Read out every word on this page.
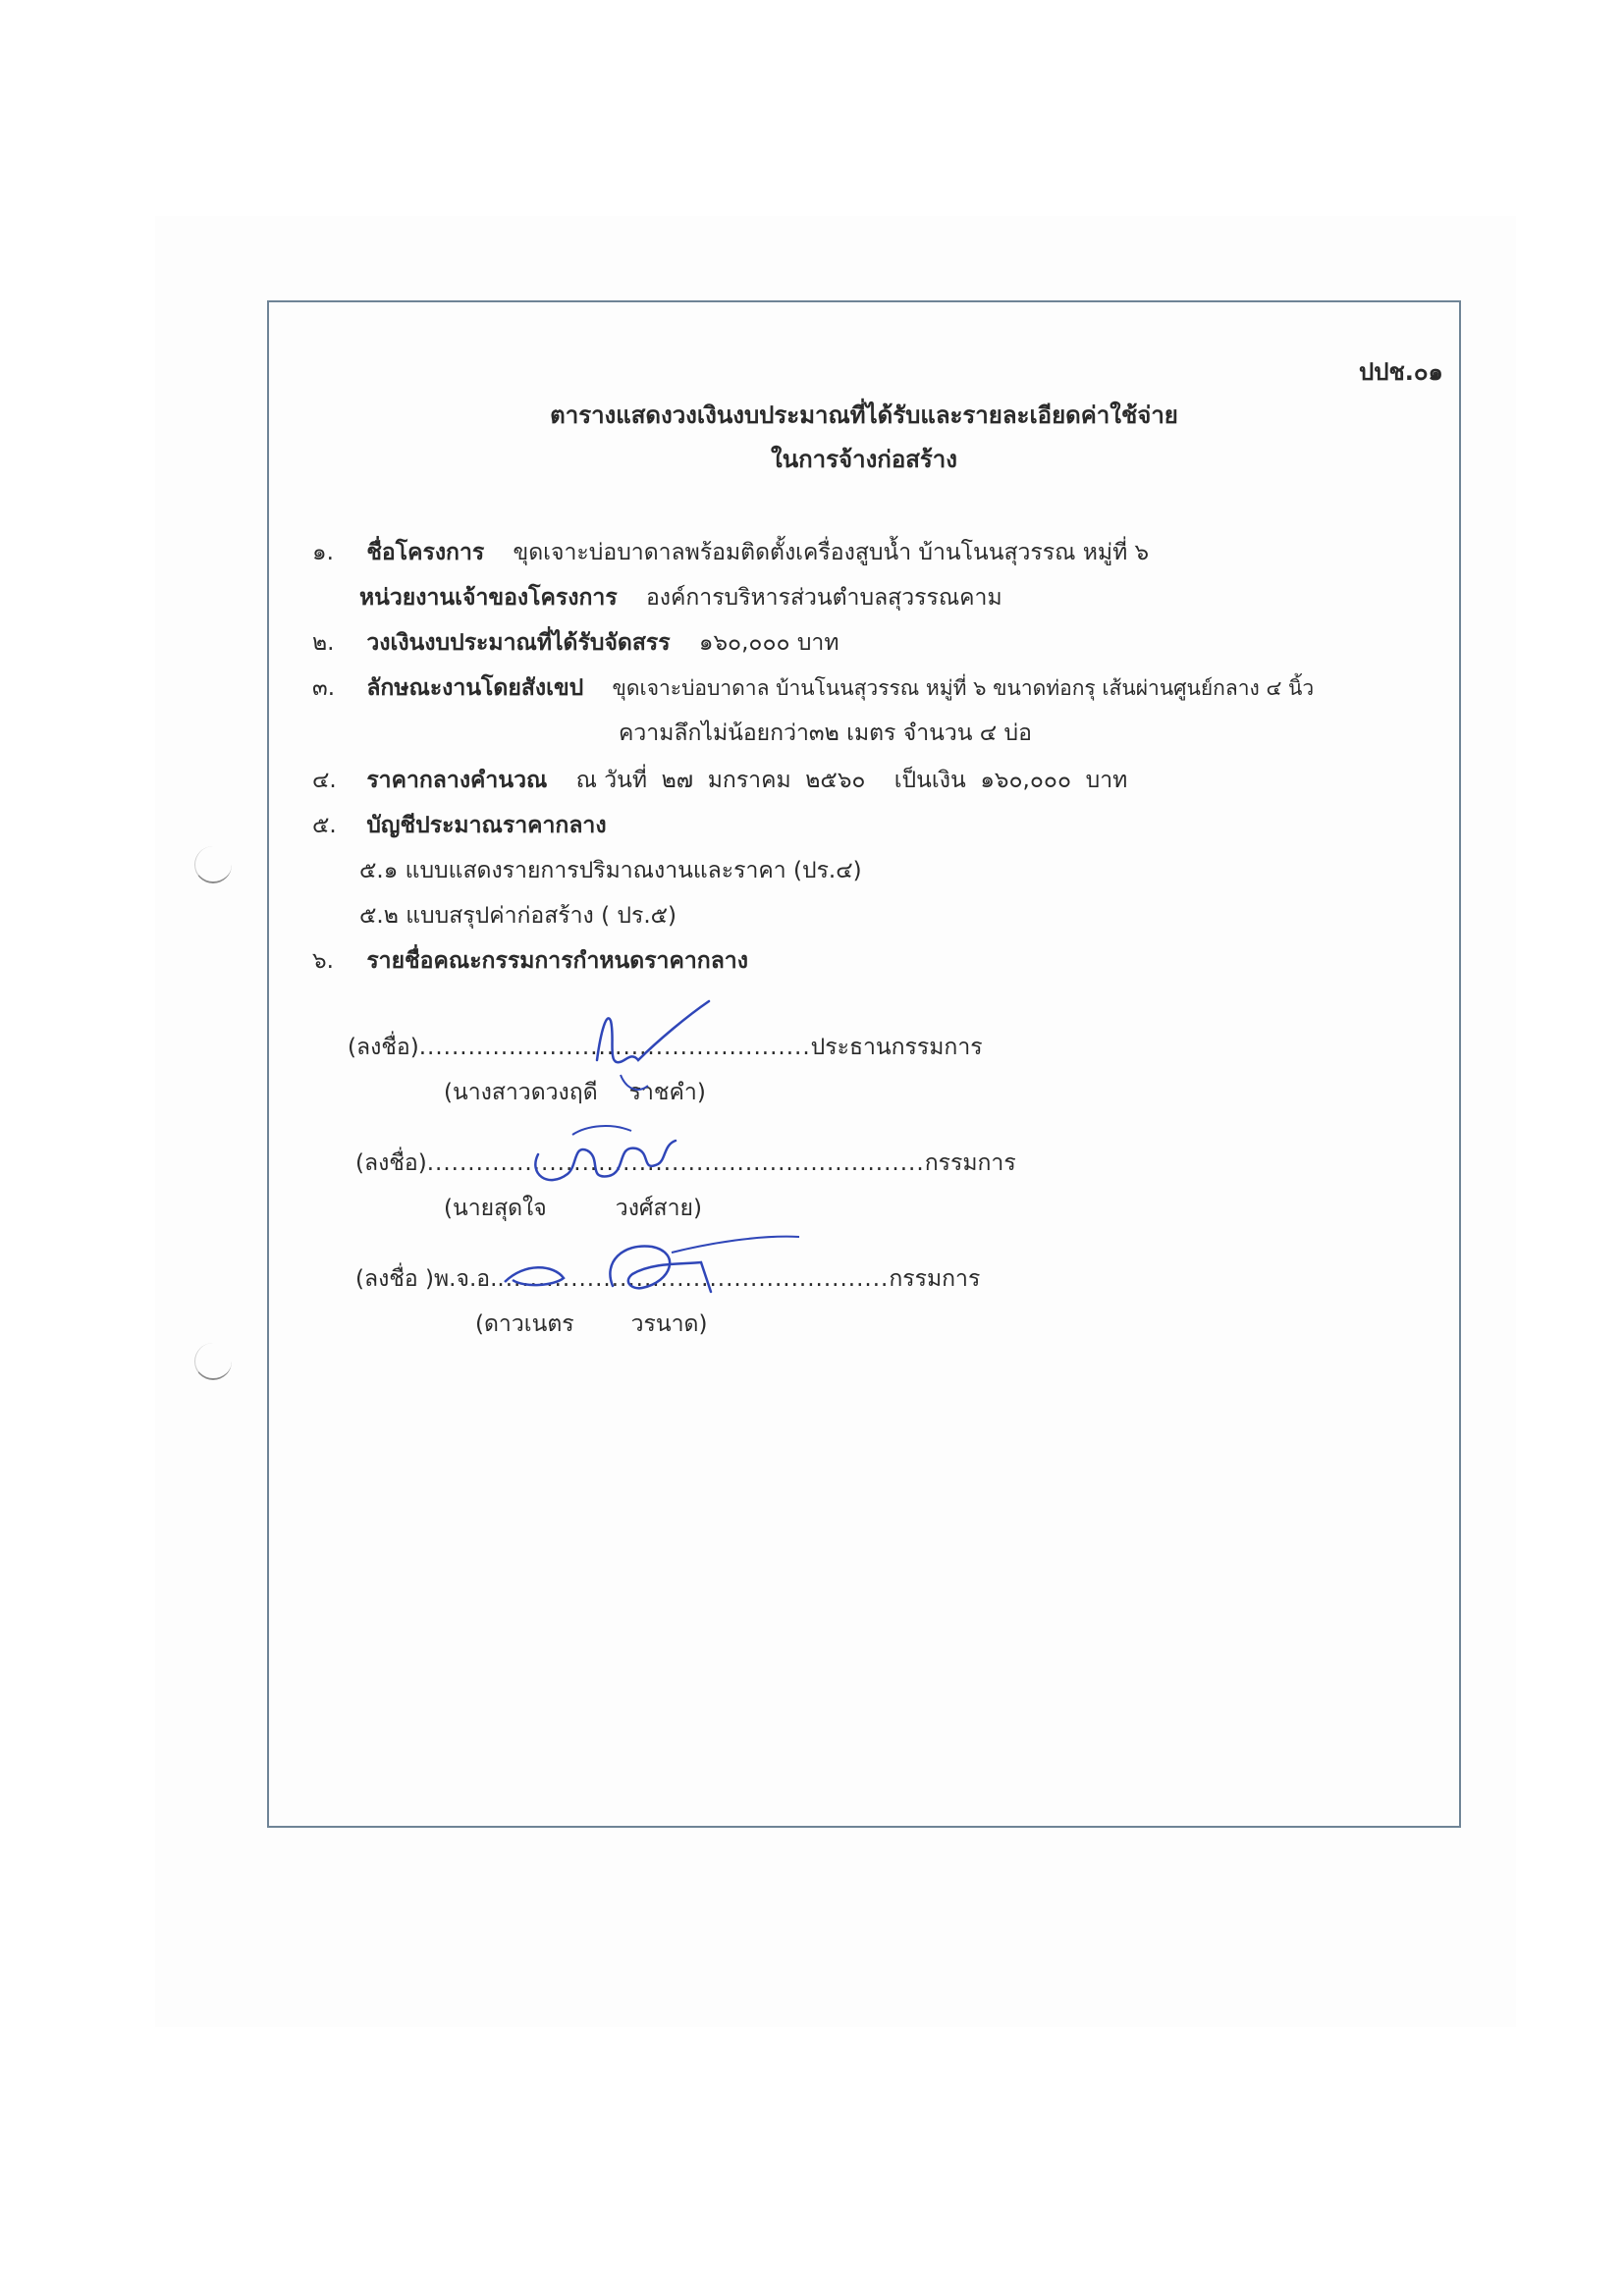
ปปช.๐๑
ตารางแสดงวงเงินงบประมาณที่ได้รับและรายละเอียดค่าใช้จ่าย
ในการจ้างก่อสร้าง
๑. ชื่อโครงการ ขุดเจาะบ่อบาดาลพร้อมติดตั้งเครื่องสูบน้ำ บ้านโนนสุวรรณ หมู่ที่ ๖
หน่วยงานเจ้าของโครงการ องค์การบริหารส่วนตำบลสุวรรณคาม
๒. วงเงินงบประมาณที่ได้รับจัดสรร ๑๖๐,๐๐๐ บาท
๓. ลักษณะงานโดยสังเขป ขุดเจาะบ่อบาดาล บ้านโนนสุวรรณ หมู่ที่ ๖ ขนาดท่อกรุ เส้นผ่านศูนย์กลาง ๔ นิ้ว
ความลึกไม่น้อยกว่า๓๒ เมตร จำนวน ๔ บ่อ
๔. ราคากลางคำนวณ ณ วันที่  ๒๗  มกราคม  ๒๕๖๐    เป็นเงิน  ๑๖๐,๐๐๐  บาท
๕. บัญชีประมาณราคากลาง
๕.๑ แบบแสดงรายการปริมาณงานและราคา (ปร.๔)
๕.๒ แบบสรุปค่าก่อสร้าง ( ปร.๕)
๖. รายชื่อคณะกรรมการกำหนดราคากลาง
(ลงชื่อ)................................................ประธานกรรมการ
(นางสาวดวงฤดี ราชคำ)
(ลงชื่อ).............................................................กรรมการ
(นายสุดใจ	วงศ์สาย)
(ลงชื่อ )พ.จ.อ.................................................กรรมการ
(ดาวเนตร	วรนาด)
